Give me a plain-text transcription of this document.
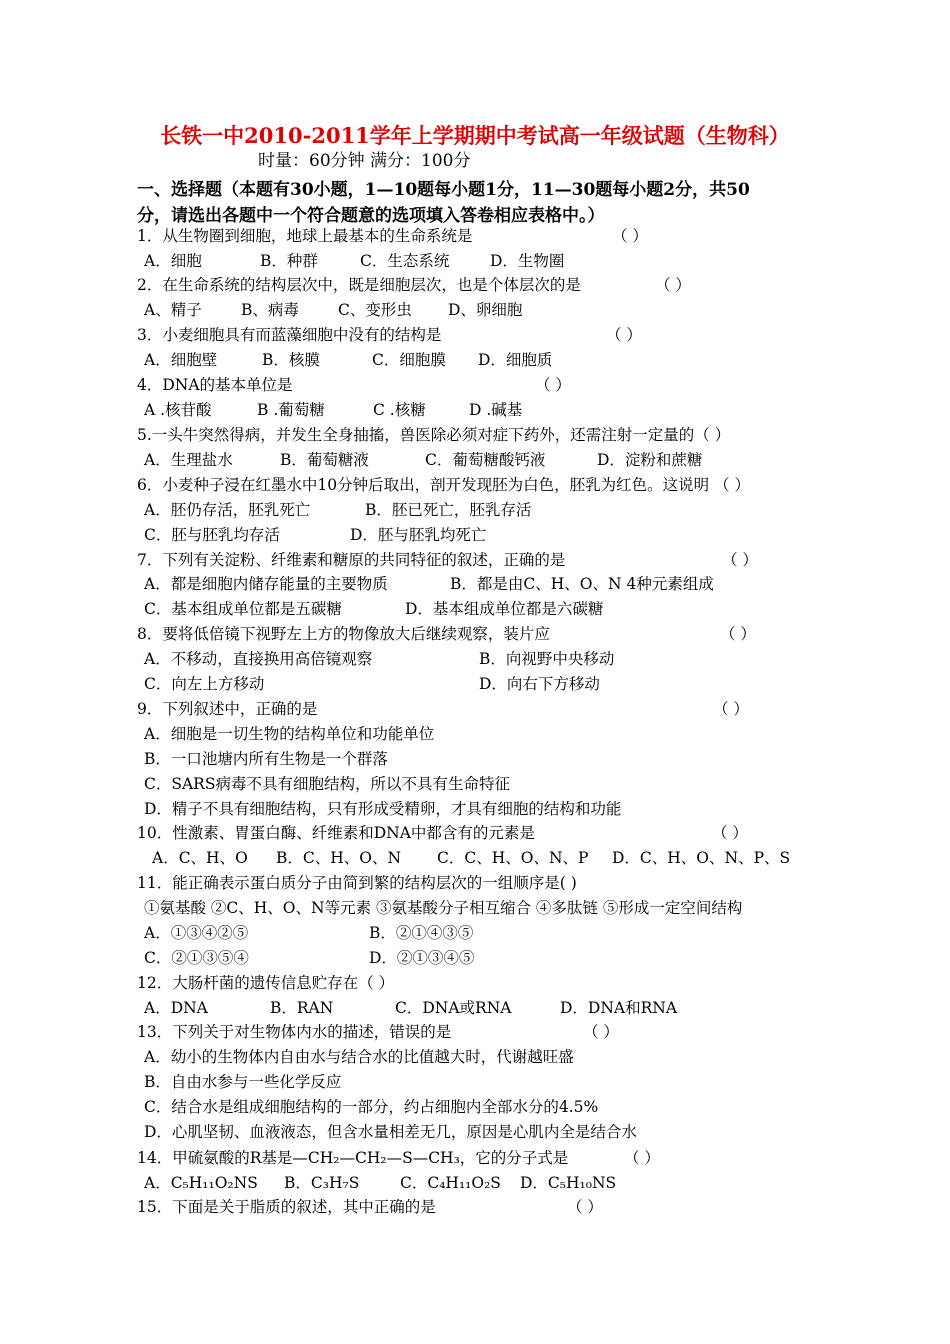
长铁一中2010-2011学年上学期期中考试高一年级试题（生物科）
时量：60分钟 满分：100分
一、选择题（本题有30小题，1—10题每小题1分，11—30题每小题2分，共50
分，请选出各题中一个符合题意的选项填入答卷相应表格中。）
1．从生物圈到细胞，地球上最基本的生命系统是	（ ）
A．细胞	B．种群	C．生态系统	D．生物圈
2．在生命系统的结构层次中，既是细胞层次，也是个体层次的是	（ ）
A、精子	B、病毒	C、变形虫 D、卵细胞
3．小麦细胞具有而蓝藻细胞中没有的结构是	（ ）
A．细胞壁	B．核膜	C．细胞膜 D．细胞质
4．DNA的基本单位是	（ ）
A .核苷酸	B .葡萄糖	C .核糖	D .碱基
5.一头牛突然得病，并发生全身抽搐，兽医除必须对症下药外，还需注射一定量的（ ）
A．生理盐水	B．葡萄糖液	C．葡萄糖酸钙液	D．淀粉和蔗糖
6．小麦种子浸在红墨水中10分钟后取出，剖开发现胚为白色，胚乳为红色。这说明 （ ）
A．胚仍存活，胚乳死亡	B．胚已死亡，胚乳存活
C．胚与胚乳均存活	D．胚与胚乳均死亡
7．下列有关淀粉、纤维素和糖原的共同特征的叙述，正确的是	（ ）
A．都是细胞内储存能量的主要物质	B．都是由C、H、O、N 4种元素组成
C．基本组成单位都是五碳糖	D．基本组成单位都是六碳糖
8．要将低倍镜下视野左上方的物像放大后继续观察，装片应	（ ）
A．不移动，直接换用高倍镜观察	B．向视野中央移动
C．向左上方移动	D．向右下方移动
9．下列叙述中，正确的是	（ ）
A．细胞是一切生物的结构单位和功能单位
B．一口池塘内所有生物是一个群落
C．SARS病毒不具有细胞结构，所以不具有生命特征
D．精子不具有细胞结构，只有形成受精卵，才具有细胞的结构和功能
10．性激素、胃蛋白酶、纤维素和DNA中都含有的元素是	（ ）
A．C、H、O B．C、H、O、N C．C、H、O、N、P D．C、H、O、N、P、S
11．能正确表示蛋白质分子由简到繁的结构层次的一组顺序是( )
①氨基酸 ②C、H、O、N等元素 ③氨基酸分子相互缩合 ④多肽链 ⑤形成一定空间结构
A．①③④②⑤	B．②①④③⑤
C．②①③⑤④	D．②①③④⑤
12．大肠杆菌的遗传信息贮存在（ ）
A．DNA	B．RAN	C．DNA或RNA	D．DNA和RNA
13．下列关于对生物体内水的描述，错误的是	（ ）
A．幼小的生物体内自由水与结合水的比值越大时，代谢越旺盛
B．自由水参与一些化学反应
C．结合水是组成细胞结构的一部分，约占细胞内全部水分的4.5%
D．心肌坚韧、血液液态，但含水量相差无几，原因是心肌内全是结合水
14．甲硫氨酸的R基是—CH₂—CH₂—S—CH₃，它的分子式是	（ ）
A．C₅H₁₁O₂NS B．C₃H₇S	C．C₄H₁₁O₂S D．C₅H₁₀NS
15．下面是关于脂质的叙述，其中正确的是	（ ）
